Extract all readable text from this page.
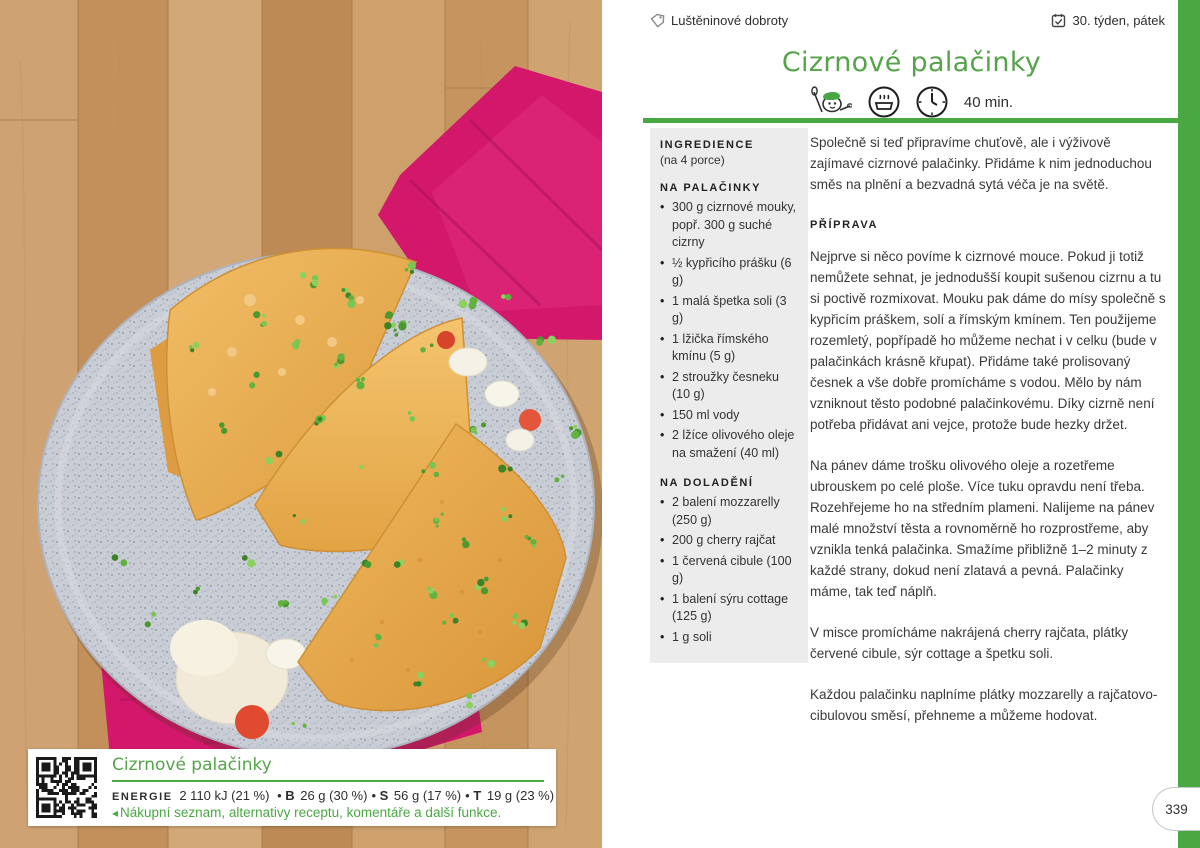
Luštěninové dobroty	30. týden, pátek
Cizrnové palačinky
40 min.
INGREDIENCE
(na 4 porce)
NA PALAČINKY
• 300 g cizrnové mouky, popř. 300 g suché cizrny
• ½ kypřicího prášku (6 g)
• 1 malá špetka soli (3 g)
• 1 lžička římského kmínu (5 g)
• 2 stroužky česneku (10 g)
• 150 ml vody
• 2 lžíce olivového oleje na smažení (40 ml)
NA DOLADĚNÍ
• 2 balení mozzarelly (250 g)
• 200 g cherry rajčat
• 1 červená cibule (100 g)
• 1 balení sýru cottage (125 g)
• 1 g soli

Společně si teď připravíme chuťově, ale i výživově zajímavé cizrnové palačinky. Přidáme k nim jednoduchou směs na plnění a bezvadná sytá véča je na světě.

PŘÍPRAVA

Nejprve si něco povíme k cizrnové mouce. Pokud ji totiž nemůžete sehnat, je jednodušší koupit sušenou cizrnu a tu si poctivě rozmixovat. Mouku pak dáme do mísy společně s kypřicím práškem, solí a římským kmínem. Ten použijeme rozemletý, popřípadě ho můžeme nechat i v celku (bude v palačinkách krásně křupat). Přidáme také prolisovaný česnek a vše dobře promícháme s vodou. Mělo by nám vzniknout těsto podobné palačinkovému. Díky cizrně není potřeba přidávat ani vejce, protože bude hezky držet.

Na pánev dáme trošku olivového oleje a rozetřeme ubrouskem po celé ploše. Více tuku opravdu není třeba. Rozehřejeme ho na středním plameni. Nalijeme na pánev malé množství těsta a rovnoměrně ho rozprostřeme, aby vznikla tenká palačinka. Smažíme přibližně 1–2 minuty z každé strany, dokud není zlatavá a pevná. Palačinky máme, tak teď náplň.

V misce promícháme nakrájená cherry rajčata, plátky červené cibule, sýr cottage a špetku soli.

Každou palačinku naplníme plátky mozzarelly a rajčatovo-cibulovou směsí, přehneme a můžeme hodovat.

Cizrnové palačinky
ENERGIE 2 110 kJ (21 %) • B 26 g (30 %) • S 56 g (17 %) • T 19 g (23 %)
◂ Nákupní seznam, alternativy receptu, komentáře a další funkce.	339
